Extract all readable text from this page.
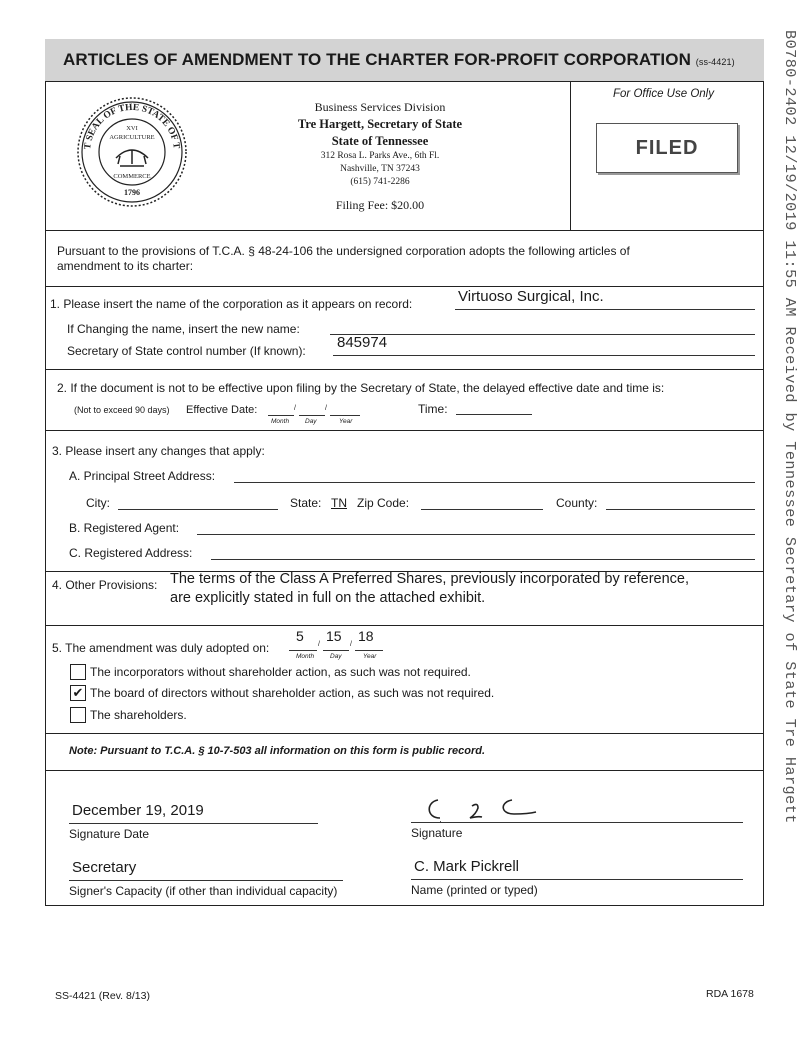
B0780-2402 12/19/2019 11:55 AM Received by Tennessee Secretary of State Tre Hargett
ARTICLES OF AMENDMENT TO THE CHARTER FOR-PROFIT CORPORATION (ss-4421)
T SEAL OF THE STATE OF T
XVI
AGRICULTURE
COMMERCE
1796
Business Services Division
Tre Hargett, Secretary of State
State of Tennessee
312 Rosa L. Parks Ave., 6th Fl.
Nashville, TN 37243
(615) 741-2286
Filing Fee: $20.00
For Office Use Only
FILED
Pursuant to the provisions of T.C.A. § 48-24-106 the undersigned corporation adopts the following articles of
amendment to its charter:
1. Please insert the name of the corporation as it appears on record:	Virtuoso Surgical, Inc.
If Changing the name, insert the new name:
Secretary of State control number (If known): 845974
2. If the document is not to be effective upon filing by the Secretary of State, the delayed effective date and time is:
(Not to exceed 90 days) Effective Date:	/	/
Month Day	Year
Time:
3. Please insert any changes that apply:
A. Principal Street Address:
City:	State: TN Zip Code:	County:
B. Registered Agent:
C. Registered Address:
4. Other Provisions: The terms of the Class A Preferred Shares, previously incorporated by reference,
are explicitly stated in full on the attached exhibit.
5. The amendment was duly adopted on:
5
/
15
/
18
Month Day	Year
The incorporators without shareholder action, as such was not required.
✔ The board of directors without shareholder action, as such was not required.
The shareholders.
Note: Pursuant to T.C.A. § 10-7-503 all information on this form is public record.
December 19, 2019
Signature Date	Signature
Secretary
Signer's Capacity (if other than individual capacity)
C. Mark Pickrell
Name (printed or typed)
SS-4421 (Rev. 8/13)	RDA 1678
